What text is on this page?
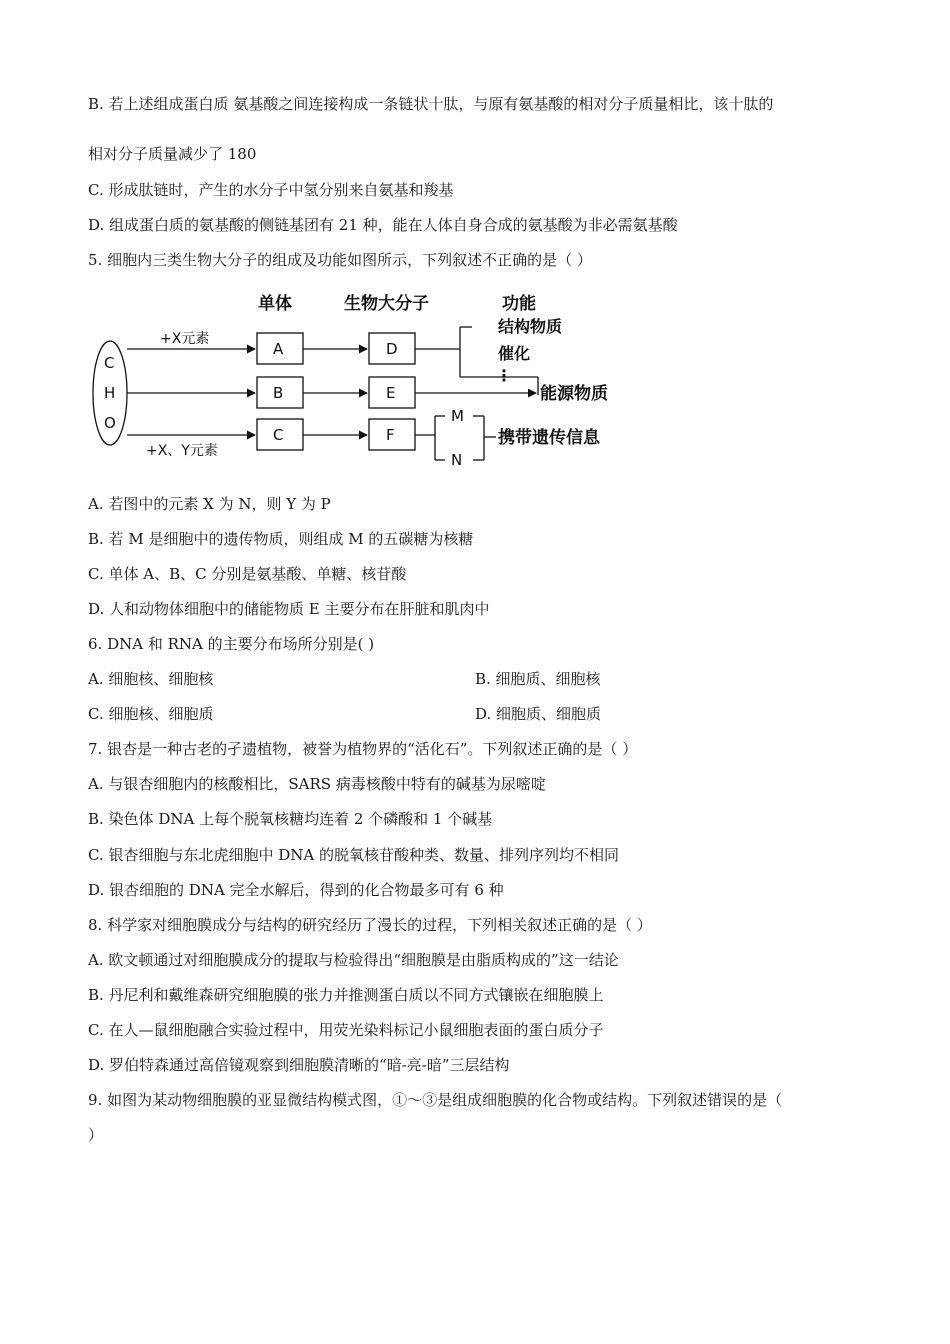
B. 若上述组成蛋白质 氨基酸之间连接构成一条链状十肽，与原有氨基酸的相对分子质量相比，该十肽的
相对分子质量减少了 180
C. 形成肽链时，产生的水分子中氢分别来自氨基和羧基
D. 组成蛋白质的氨基酸的侧链基团有 21 种，能在人体自身合成的氨基酸为非必需氨基酸
5. 细胞内三类生物大分子的组成及功能如图所示，下列叙述不正确的是（ ）
单体	生物大分子	功能
C
H
O
+X元素
+X、Y元素
A
B
C
D
E
F
结构物质
催化
⋮
能源物质
M
N
携带遗传信息
A. 若图中的元素 X 为 N，则 Y 为 P
B. 若 M 是细胞中的遗传物质，则组成 M 的五碳糖为核糖
C. 单体 A、B、C 分别是氨基酸、单糖、核苷酸
D. 人和动物体细胞中的储能物质 E 主要分布在肝脏和肌肉中
6. DNA 和 RNA 的主要分布场所分别是( )
A. 细胞核、细胞核	B. 细胞质、细胞核
C. 细胞核、细胞质	D. 细胞质、细胞质
7. 银杏是一种古老的孑遗植物，被誉为植物界的“活化石”。下列叙述正确的是（ ）
A. 与银杏细胞内的核酸相比，SARS 病毒核酸中特有的碱基为尿嘧啶
B. 染色体 DNA 上每个脱氧核糖均连着 2 个磷酸和 1 个碱基
C. 银杏细胞与东北虎细胞中 DNA 的脱氧核苷酸种类、数量、排列序列均不相同
D. 银杏细胞的 DNA 完全水解后，得到的化合物最多可有 6 种
8. 科学家对细胞膜成分与结构的研究经历了漫长的过程，下列相关叙述正确的是（ ）
A. 欧文顿通过对细胞膜成分的提取与检验得出“细胞膜是由脂质构成的”这一结论
B. 丹尼利和戴维森研究细胞膜的张力并推测蛋白质以不同方式镶嵌在细胞膜上
C. 在人—鼠细胞融合实验过程中，用荧光染料标记小鼠细胞表面的蛋白质分子
D. 罗伯特森通过高倍镜观察到细胞膜清晰的“暗-亮-暗”三层结构
9. 如图为某动物细胞膜的亚显微结构模式图，①～③是组成细胞膜的化合物或结构。下列叙述错误的是（
）
